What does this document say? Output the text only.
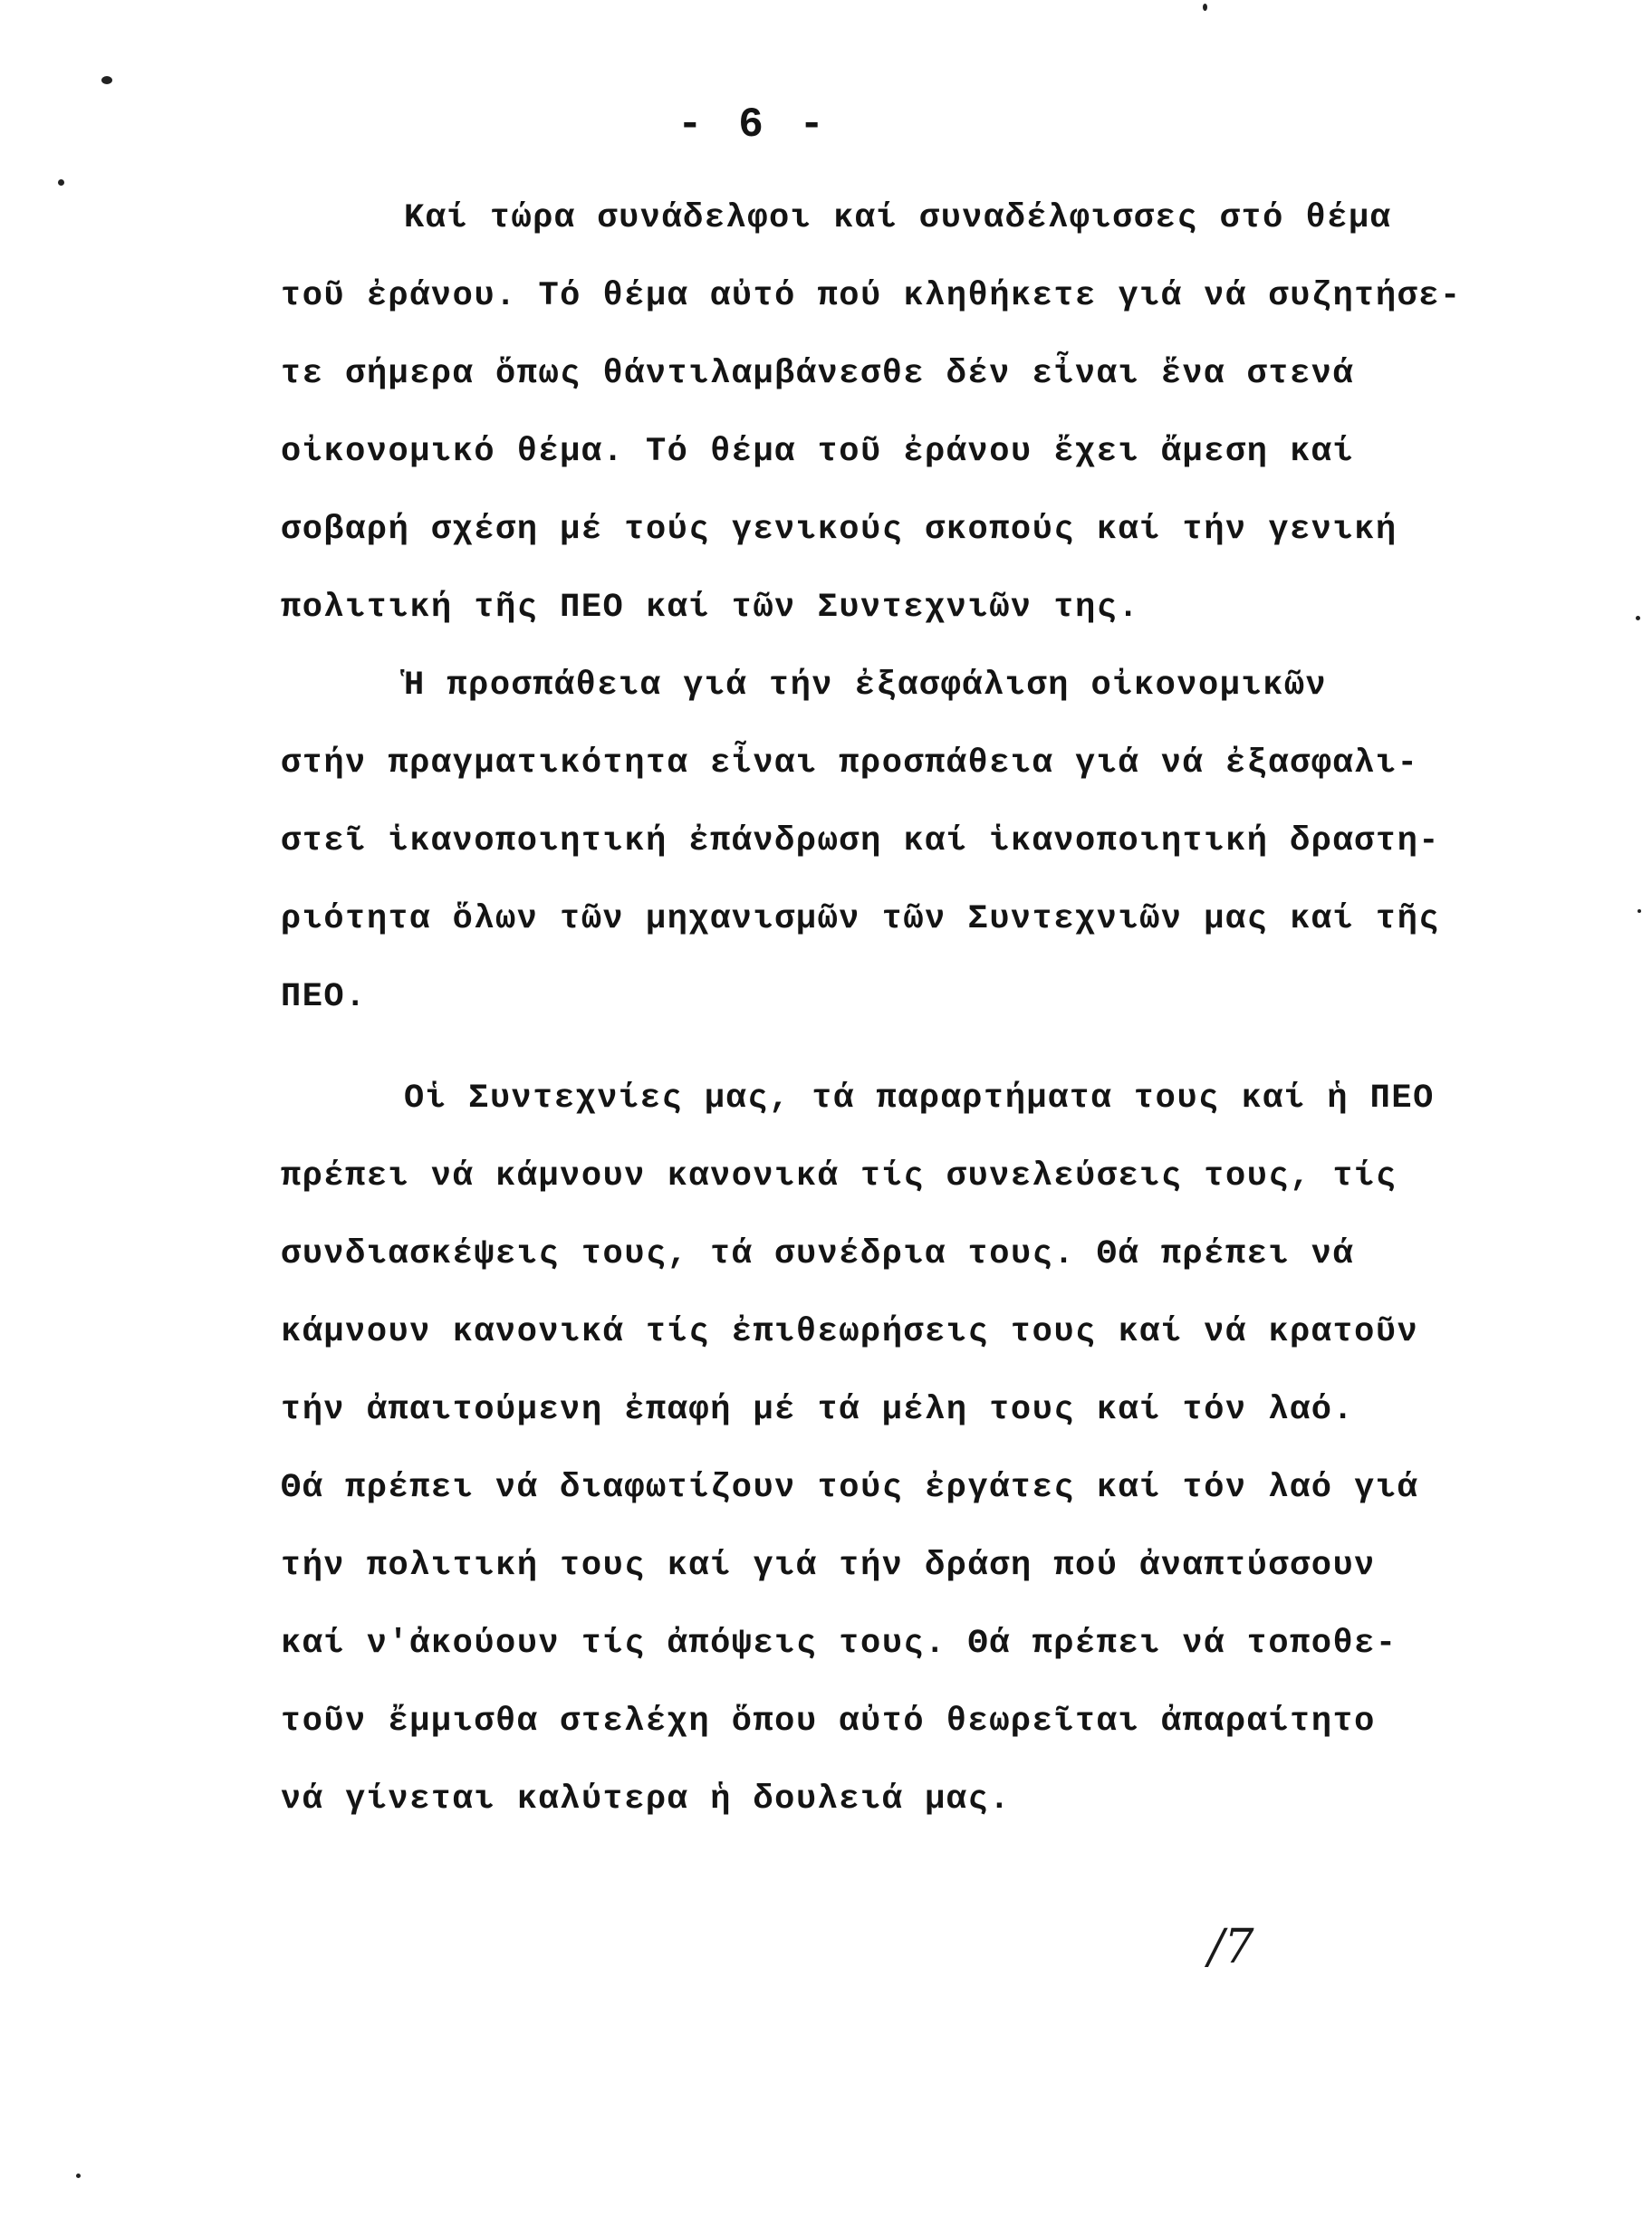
- 6 -
Καί τώρα συνάδελφοι καί συναδέλφισσες στό θέμα
τοῦ ἐράνου. Τό θέμα αὐτό πού κληθήκετε γιά νά συζητήσε-
τε σήμερα ὅπως θάντιλαμβάνεσθε δέν εἶναι ἕνα στενά
οἰκονομικό θέμα. Τό θέμα τοῦ ἐράνου ἔχει ἄμεση καί
σοβαρή σχέση μέ τούς γενικούς σκοπούς καί τήν γενική
πολιτική τῆς ΠΕΟ καί τῶν Συντεχνιῶν της.
Ἡ προσπάθεια γιά τήν ἐξασφάλιση οἰκονομικῶν
στήν πραγματικότητα εἶναι προσπάθεια γιά νά ἐξασφαλι-
στεῖ ἱκανοποιητική ἐπάνδρωση καί ἱκανοποιητική δραστη-
ριότητα ὅλων τῶν μηχανισμῶν τῶν Συντεχνιῶν μας καί τῆς
ΠΕΟ.
Οἱ Συντεχνίες μας, τά παραρτήματα τους καί ἡ ΠΕΟ
πρέπει νά κάμνουν κανονικά τίς συνελεύσεις τους, τίς
συνδιασκέψεις τους, τά συνέδρια τους. Θά πρέπει νά
κάμνουν κανονικά τίς ἐπιθεωρήσεις τους καί νά κρατοῦν
τήν ἀπαιτούμενη ἐπαφή μέ τά μέλη τους καί τόν λαό.
Θά πρέπει νά διαφωτίζουν τούς ἐργάτες καί τόν λαό γιά
τήν πολιτική τους καί γιά τήν δράση πού ἀναπτύσσουν
καί ν'ἀκούουν τίς ἀπόψεις τους. Θά πρέπει νά τοποθε-
τοῦν ἔμμισθα στελέχη ὅπου αὐτό θεωρεῖται ἀπαραίτητο
νά γίνεται καλύτερα ἡ δουλειά μας.
/7
